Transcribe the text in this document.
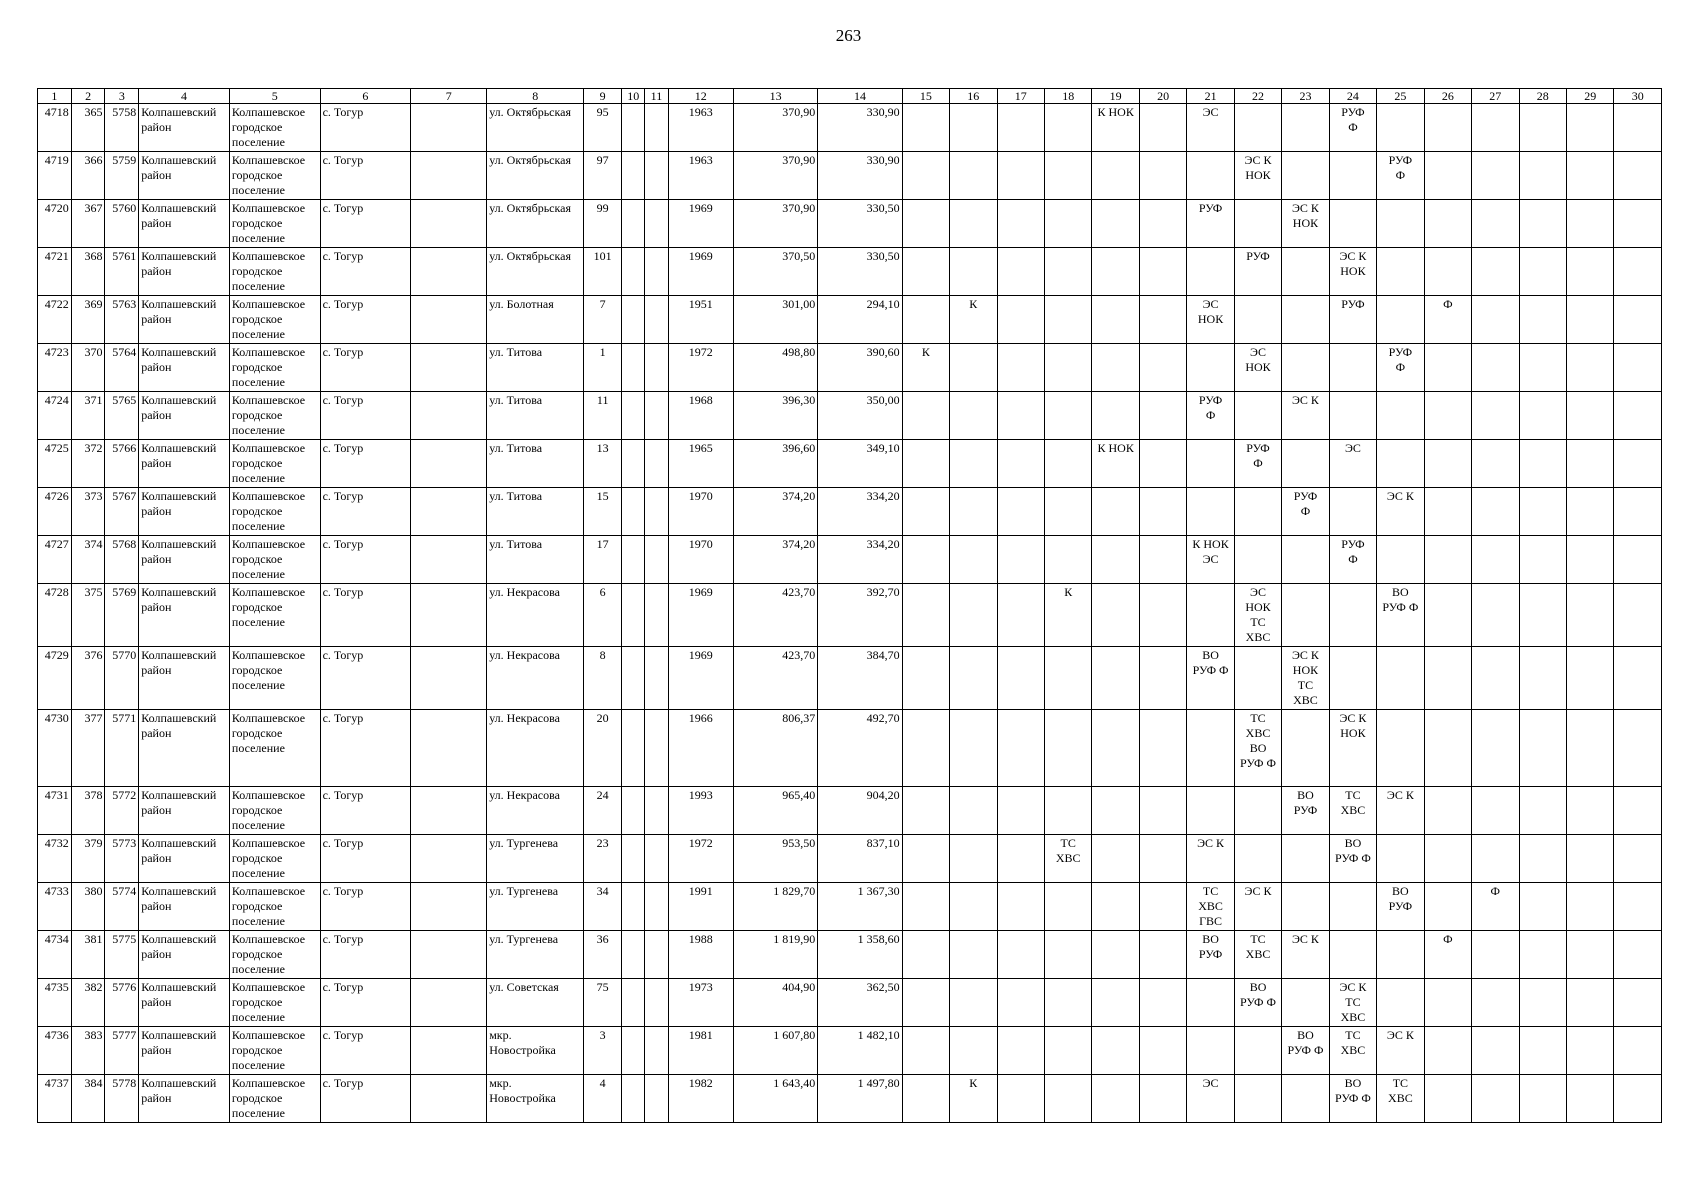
263
1	2	3	4	5	6	7	8	9	10	11	12	13	14	15	16	17	18	19	20	21	22	23	24	25	26	27	28	29	30
4718	365	5758	Колпашевский район	Колпашевское городское поселение	с. Тогур		ул. Октябрьская	95			1963	370,90	330,90					К НОК		ЭС			РУФ
Ф						
4719	366	5759	Колпашевский район	Колпашевское городское поселение	с. Тогур		ул. Октябрьская	97			1963	370,90	330,90								ЭС К
НОК			РУФ
Ф					
4720	367	5760	Колпашевский район	Колпашевское городское поселение	с. Тогур		ул. Октябрьская	99			1969	370,90	330,50							РУФ		ЭС К
НОК							
4721	368	5761	Колпашевский район	Колпашевское городское поселение	с. Тогур		ул. Октябрьская	101			1969	370,50	330,50								РУФ		ЭС К
НОК						
4722	369	5763	Колпашевский район	Колпашевское городское поселение	с. Тогур		ул. Болотная	7			1951	301,00	294,10		К					ЭС
НОК			РУФ		Ф				
4723	370	5764	Колпашевский район	Колпашевское городское поселение	с. Тогур		ул. Титова	1			1972	498,80	390,60	К							ЭС
НОК			РУФ
Ф					
4724	371	5765	Колпашевский район	Колпашевское городское поселение	с. Тогур		ул. Титова	11			1968	396,30	350,00							РУФ
Ф		ЭС К							
4725	372	5766	Колпашевский район	Колпашевское городское поселение	с. Тогур		ул. Титова	13			1965	396,60	349,10					К НОК			РУФ
Ф		ЭС						
4726	373	5767	Колпашевский район	Колпашевское городское поселение	с. Тогур		ул. Титова	15			1970	374,20	334,20									РУФ
Ф		ЭС К					
4727	374	5768	Колпашевский район	Колпашевское городское поселение	с. Тогур		ул. Титова	17			1970	374,20	334,20							К НОК
ЭС			РУФ
Ф						
4728	375	5769	Колпашевский район	Колпашевское городское поселение	с. Тогур		ул. Некрасова	6			1969	423,70	392,70				К				ЭС
НОК
ТС
ХВС			ВО
РУФ Ф					
4729	376	5770	Колпашевский район	Колпашевское городское поселение	с. Тогур		ул. Некрасова	8			1969	423,70	384,70							ВО
РУФ Ф		ЭС К
НОК
ТС
ХВС							
4730	377	5771	Колпашевский район	Колпашевское городское поселение	с. Тогур		ул. Некрасова	20			1966	806,37	492,70								ТС
ХВС
ВО
РУФ Ф		ЭС К
НОК						
4731	378	5772	Колпашевский район	Колпашевское городское поселение	с. Тогур		ул. Некрасова	24			1993	965,40	904,20									ВО
РУФ	ТС
ХВС	ЭС К					
4732	379	5773	Колпашевский район	Колпашевское городское поселение	с. Тогур		ул. Тургенева	23			1972	953,50	837,10				ТС
ХВС			ЭС К			ВО
РУФ Ф						
4733	380	5774	Колпашевский район	Колпашевское городское поселение	с. Тогур		ул. Тургенева	34			1991	1 829,70	1 367,30							ТС
ХВС
ГВС	ЭС К			ВО
РУФ		Ф			
4734	381	5775	Колпашевский район	Колпашевское городское поселение	с. Тогур		ул. Тургенева	36			1988	1 819,90	1 358,60							ВО
РУФ	ТС
ХВС	ЭС К			Ф				
4735	382	5776	Колпашевский район	Колпашевское городское поселение	с. Тогур		ул. Советская	75			1973	404,90	362,50								ВО
РУФ Ф		ЭС К
ТС
ХВС						
4736	383	5777	Колпашевский район	Колпашевское городское поселение	с. Тогур		мкр. Новостройка	3			1981	1 607,80	1 482,10									ВО
РУФ Ф	ТС
ХВС	ЭС К					
4737	384	5778	Колпашевский район	Колпашевское городское поселение	с. Тогур		мкр. Новостройка	4			1982	1 643,40	1 497,80		К					ЭС			ВО
РУФ Ф	ТС
ХВС					
